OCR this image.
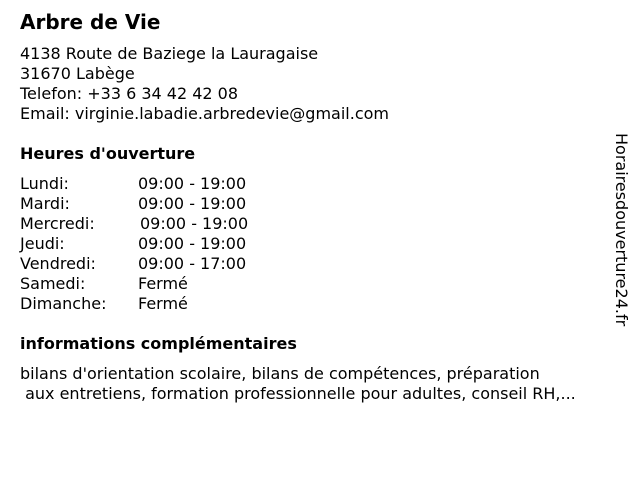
Arbre de Vie
4138 Route de Baziege la Lauragaise
31670 Labège
Telefon: +33 6 34 42 42 08
Email: virginie.labadie.arbredevie@gmail.com
Heures d'ouverture
Lundi:	09:00 - 19:00
Mardi:	09:00 - 19:00
Mercredi:	09:00 - 19:00
Jeudi:	09:00 - 19:00
Vendredi:	09:00 - 17:00
Samedi:	Fermé
Dimanche: Fermé
informations complémentaires
bilans d'orientation scolaire, bilans de compétences, préparation
aux entretiens, formation professionnelle pour adultes, conseil RH,...
Horairesdouverture24.fr
